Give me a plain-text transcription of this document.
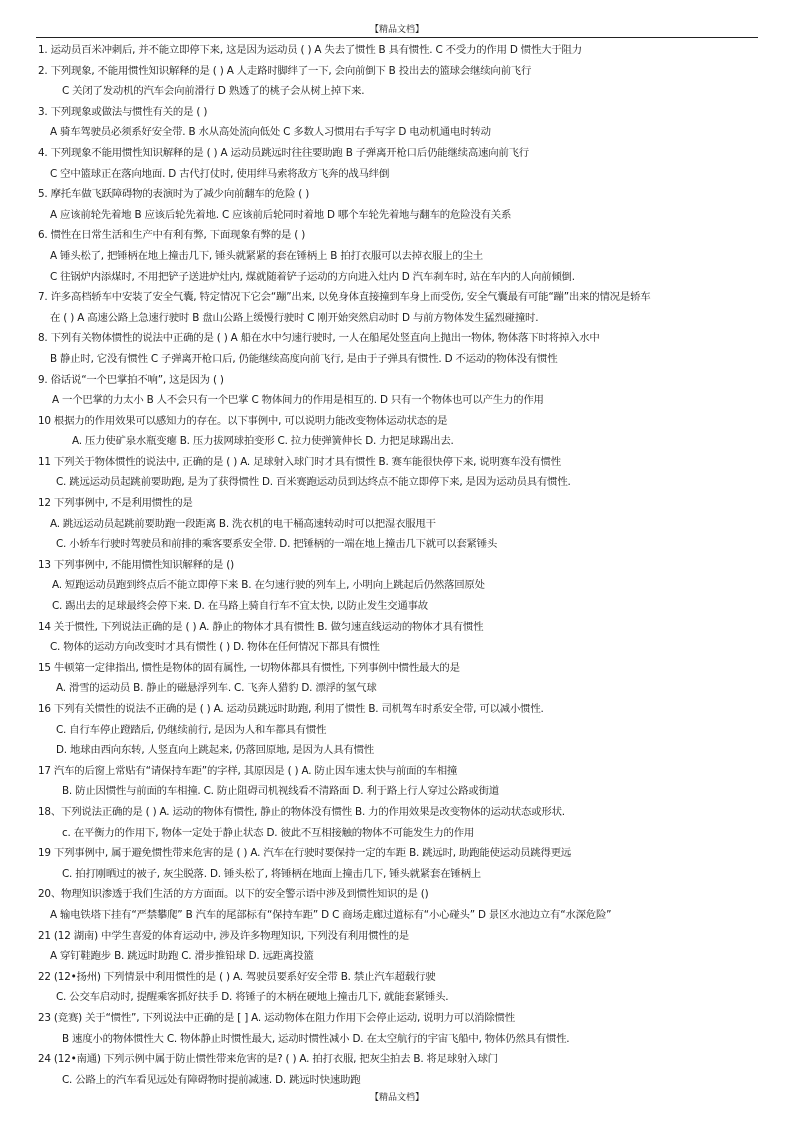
【精品文档】
1. 运动员百米冲刺后, 并不能立即停下来, 这是因为运动员 ( ) A 失去了惯性 B 具有惯性. C 不受力的作用 D 惯性大于阻力
2. 下列现象, 不能用惯性知识解释的是 ( ) A 人走路时脚绊了一下, 会向前倒下 B 投出去的篮球会继续向前飞行
C 关闭了发动机的汽车会向前滑行 D 熟透了的桃子会从树上掉下来.
3. 下列现象或做法与惯性有关的是 ( )
A 骑车驾驶员必须系好安全带. B 水从高处流向低处 C 多数人习惯用右手写字 D 电动机通电时转动
4. 下列现象不能用惯性知识解释的是 ( ) A 运动员跳远时往往要助跑 B 子弹离开枪口后仍能继续高速向前飞行
C 空中篮球正在落向地面. D 古代打仗时, 使用绊马索将敌方飞奔的战马绊倒
5. 摩托车做飞跃障碍物的表演时为了减少向前翻车的危险 ( )
A 应该前轮先着地 B 应该后轮先着地. C 应该前后轮同时着地 D 哪个车轮先着地与翻车的危险没有关系
6. 惯性在日常生活和生产中有利有弊, 下面现象有弊的是 ( )
A 锤头松了, 把锤柄在地上撞击几下, 锤头就紧紧的套在锤柄上 B 拍打衣服可以去掉衣服上的尘土
C 往锅炉内添煤时, 不用把铲子送进炉灶内, 煤就随着铲子运动的方向进入灶内 D 汽车刹车时, 站在车内的人向前倾倒.
7. 许多高档轿车中安装了安全气囊, 特定情况下它会“蹦”出来, 以免身体直接撞到车身上而受伤, 安全气囊最有可能“蹦”出来的情况是轿车
在 ( ) A 高速公路上急速行驶时 B 盘山公路上缓慢行驶时 C 刚开始突然启动时 D 与前方物体发生猛烈碰撞时.
8. 下列有关物体惯性的说法中正确的是 ( ) A 船在水中匀速行驶时, 一人在船尾处竖直向上抛出一物体, 物体落下时将掉入水中
B 静止时, 它没有惯性 C 子弹离开枪口后, 仍能继续高度向前飞行, 是由于子弹具有惯性. D 不运动的物体没有惯性
9. 俗话说“一个巴掌拍不响”, 这是因为 ( )
A 一个巴掌的力太小 B 人不会只有一个巴掌 C 物体间力的作用是相互的. D 只有一个物体也可以产生力的作用
10 根据力的作用效果可以感知力的存在。以下事例中, 可以说明力能改变物体运动状态的是
A. 压力使矿泉水瓶变瘪 B. 压力拔网球拍变形 C. 拉力使弹簧伸长 D. 力把足球踢出去.
11 下列关于物体惯性的说法中, 正确的是 ( ) A. 足球射入球门时才具有惯性 B. 赛车能很快停下来, 说明赛车没有惯性
C. 跳远运动员起跳前要助跑, 是为了获得惯性 D. 百米赛跑运动员到达终点不能立即停下来, 是因为运动员具有惯性.
12 下列事例中, 不是利用惯性的是
A. 跳远运动员起跳前要助跑一段距离 B. 洗衣机的电干桶高速转动时可以把湿衣服甩干
C. 小轿车行驶时驾驶员和前排的乘客要系安全带. D. 把锤柄的一端在地上撞击几下就可以套紧锤头
13 下列事例中, 不能用惯性知识解释的是 ()
A. 短跑运动员跑到终点后不能立即停下来 B. 在匀速行驶的列车上, 小明向上跳起后仍然落回原处
C. 踢出去的足球最终会停下来. D. 在马路上骑自行车不宜太快, 以防止发生交通事故
14 关于惯性, 下列说法正确的是 ( ) A. 静止的物体才具有惯性 B. 做匀速直线运动的物体才具有惯性
C. 物体的运动方向改变时才具有惯性 ( ) D. 物体在任何情况下都具有惯性
15 牛顿第一定律指出, 惯性是物体的固有属性, 一切物体都具有惯性, 下列事例中惯性最大的是
A. 滑雪的运动员 B. 静止的磁悬浮列车. C. 飞奔人猎豹 D. 漂浮的氢气球
16 下列有关惯性的说法不正确的是 ( ) A. 运动员跳远时助跑, 利用了惯性 B. 司机驾车时系安全带, 可以减小惯性.
C. 自行车停止蹬踏后, 仍继续前行, 是因为人和车都具有惯性
D. 地球由西向东转, 人竖直向上跳起来, 仍落回原地, 是因为人具有惯性
17 汽车的后窗上常贴有“请保持车距”的字样, 其原因是 ( ) A. 防止因车速太快与前面的车相撞
B. 防止因惯性与前面的车相撞. C. 防止阻碍司机视线看不清路面 D. 利于路上行人穿过公路或街道
18、下列说法正确的是 ( ) A. 运动的物体有惯性, 静止的物体没有惯性 B. 力的作用效果是改变物体的运动状态或形状.
c. 在平衡力的作用下, 物体一定处于静止状态 D. 彼此不互相接触的物体不可能发生力的作用
19 下列事例中, 属于避免惯性带来危害的是 ( ) A. 汽车在行驶时要保持一定的车距 B. 跳远时, 助跑能使运动员跳得更远
C. 拍打刚晒过的被子, 灰尘脱落. D. 锤头松了, 将锤柄在地面上撞击几下, 锤头就紧套在锤柄上
20、物理知识渗透于我们生活的方方面面。以下的安全警示语中涉及到惯性知识的是 ()
A 输电铁塔下挂有“严禁攀爬” B 汽车的尾部标有“保持车距” D C 商场走廊过道标有“小心碰头” D 景区水池边立有“水深危险”
21 (12 湖南) 中学生喜爱的体育运动中, 涉及许多物理知识, 下列没有利用惯性的是
A 穿钉鞋跑步 B. 跳远时助跑 C. 滑步推铅球 D. 远距离投篮
22 (12•扬州) 下列情景中利用惯性的是 ( ) A. 驾驶员要系好安全带 B. 禁止汽车超载行驶
C. 公交车启动时, 提醒乘客抓好扶手 D. 将锤子的木柄在硬地上撞击几下, 就能套紧锤头.
23 (竞赛) 关于“惯性”, 下列说法中正确的是 [ ] A. 运动物体在阻力作用下会停止运动, 说明力可以消除惯性
B 速度小的物体惯性大 C. 物体静止时惯性最大, 运动时惯性减小 D. 在太空航行的宇宙飞船中, 物体仍然具有惯性.
24 (12•南通) 下列示例中属于防止惯性带来危害的是? ( ) A. 拍打衣服, 把灰尘拍去 B. 将足球射入球门
C. 公路上的汽车看见远处有障碍物时提前减速. D. 跳远时快速助跑
【精品文档】
